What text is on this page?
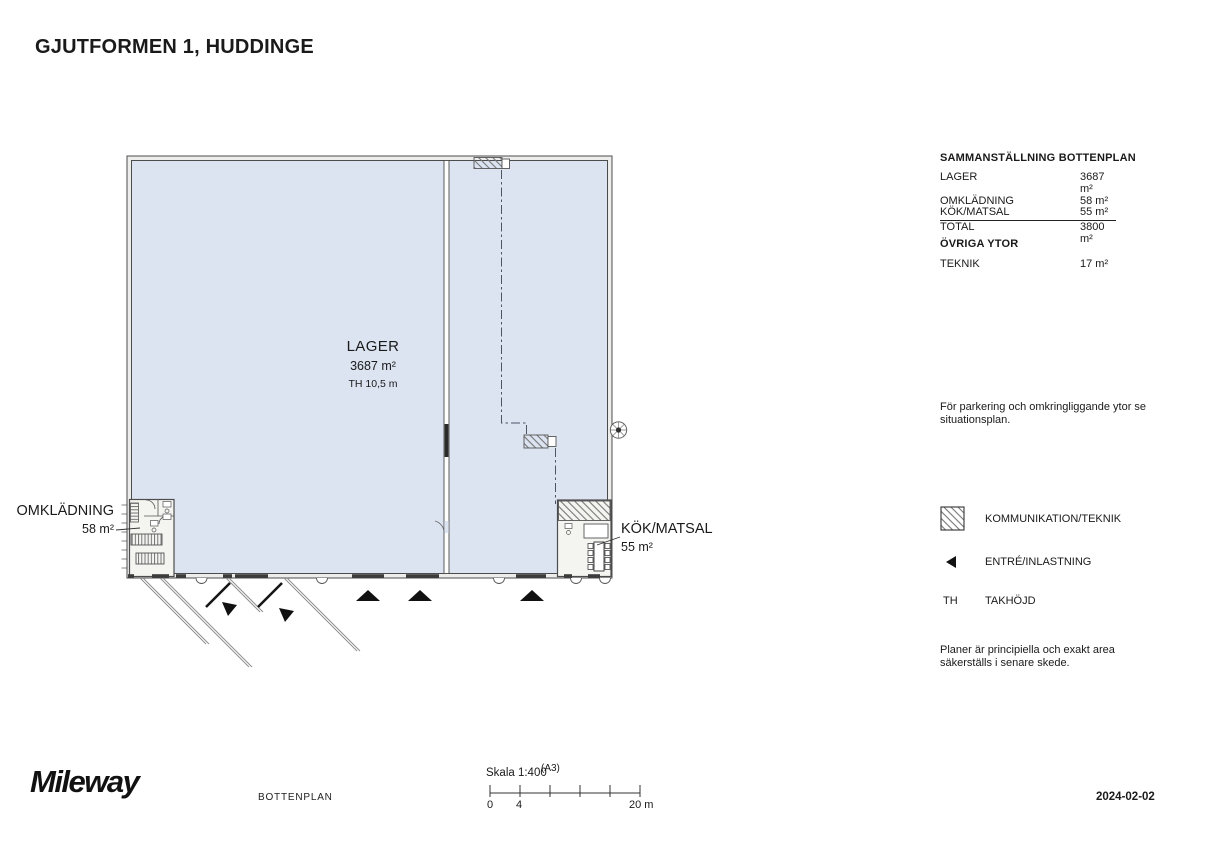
GJUTFORMEN 1, HUDDINGE
LAGER
3687 m²
TH 10,5 m
OMKLÄDNING
58 m²	KÖK/MATSAL
55 m²
SAMMANSTÄLLNING BOTTENPLAN
LAGER	3687 m²
OMKLÄDNING	58 m²
KÖK/MATSAL	55 m²
TOTAL	3800 m²
ÖVRIGA YTOR
TEKNIK	17 m²
För parkering och omkringliggande ytor se situationsplan.
KOMMUNIKATION/TEKNIK
ENTRÉ/INLASTNING
TH TAKHÖJD
Planer är principiella och exakt area säkerställs i senare skede.
Mileway	BOTTENPLAN
Skala 1:400
(A3)
0 4	20 m
2024-02-02
